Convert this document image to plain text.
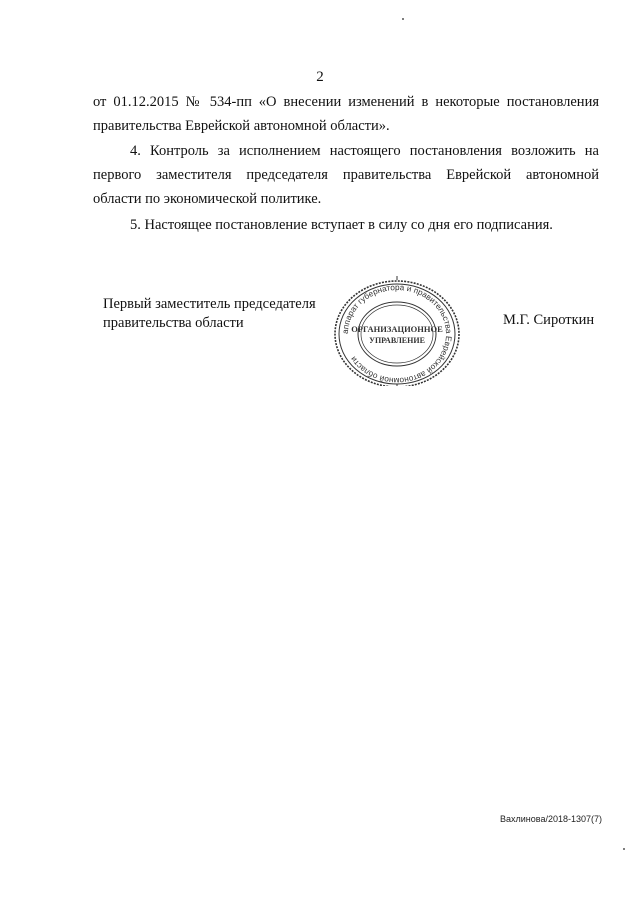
2
от 01.12.2015 № 534-пп «О внесении изменений в некоторые постановления
правительства Еврейской автономной области».
4. Контроль за исполнением настоящего постановления возложить на
первого заместителя председателя правительства Еврейской автономной
области по экономической политике.
5. Настоящее постановление вступает в силу со дня его подписания.
Первый заместитель председателя
правительства области
аппарат губернатора и правительства Еврейской автономной области
ОРГАНИЗАЦИОННОЕ
УПРАВЛЕНИЕ
М.Г. Сироткин
Вахлинова/2018-1307(7)
